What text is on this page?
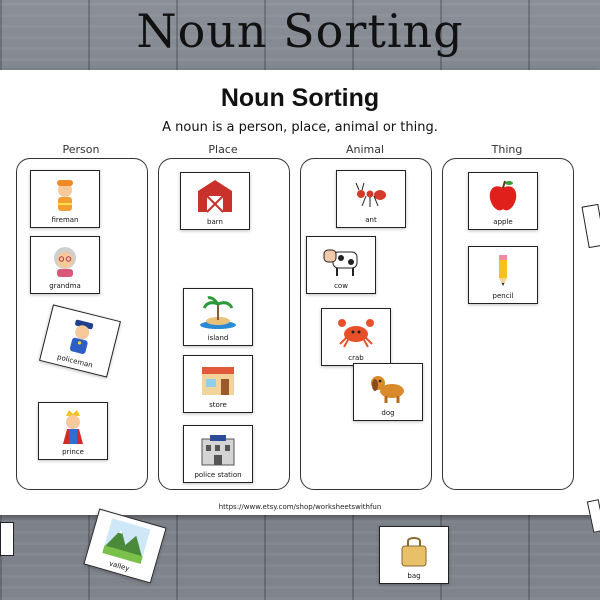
Noun Sorting
Noun Sorting
A noun is a person, place, animal or thing.
Person	Place	Animal	Thing
https://www.etsy.com/shop/worksheetswithfun
fireman
grandma
policeman
prince
barn
island
store
police station
ant
cow
crab
dog
apple
pencil
valley
bag
